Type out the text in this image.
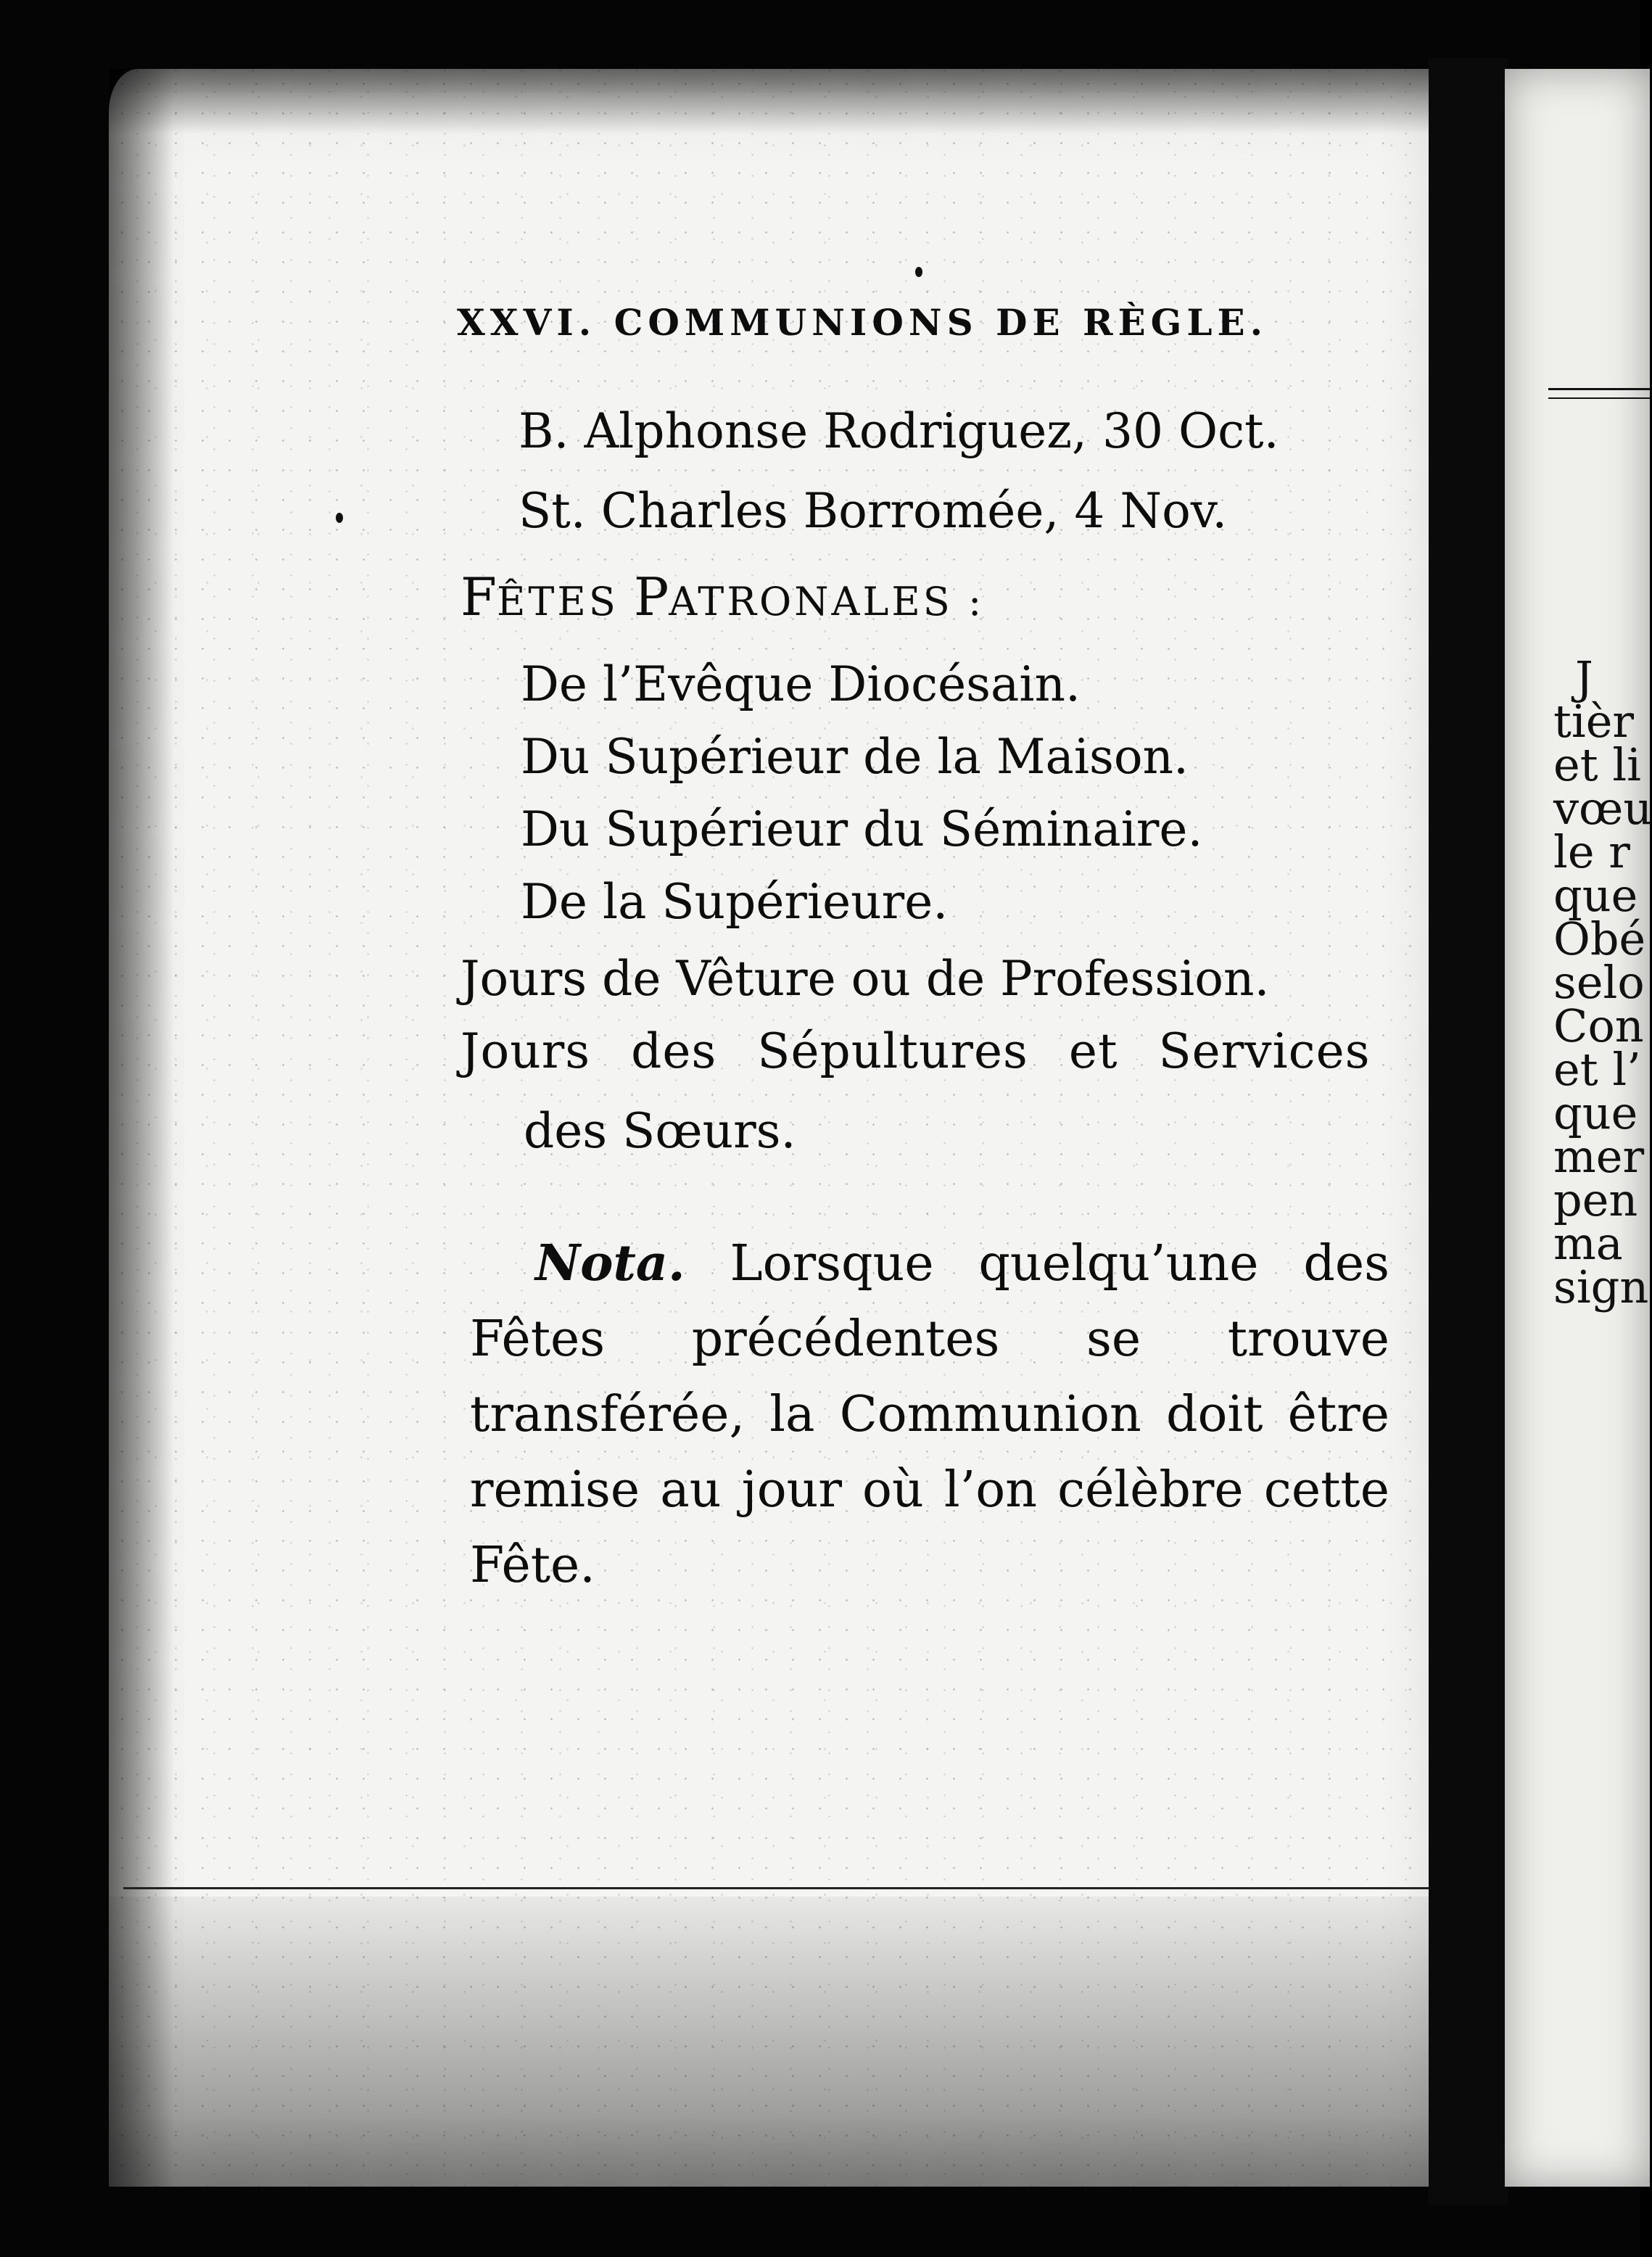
J
tièr
et li
vœu
le r
que
Obé
selo
Con
et l’
que
mer
pen
ma
sign
XXVI. COMMUNIONS DE RÈGLE.
B. Alphonse Rodriguez, 30 Oct.
St. Charles Borromée, 4 Nov.
FÊTES PATRONALES :
De l’Evêque Diocésain.
Du Supérieur de la Maison.
Du Supérieur du Séminaire.
De la Supérieure.
Jours de Vêture ou de Profession.
Jours des Sépultures et Services
des Sœurs.

Nota. Lorsque quelqu’une des Fêtes précédentes se trouve transférée, la Communion doit être remise au jour où l’on célèbre cette Fête.
